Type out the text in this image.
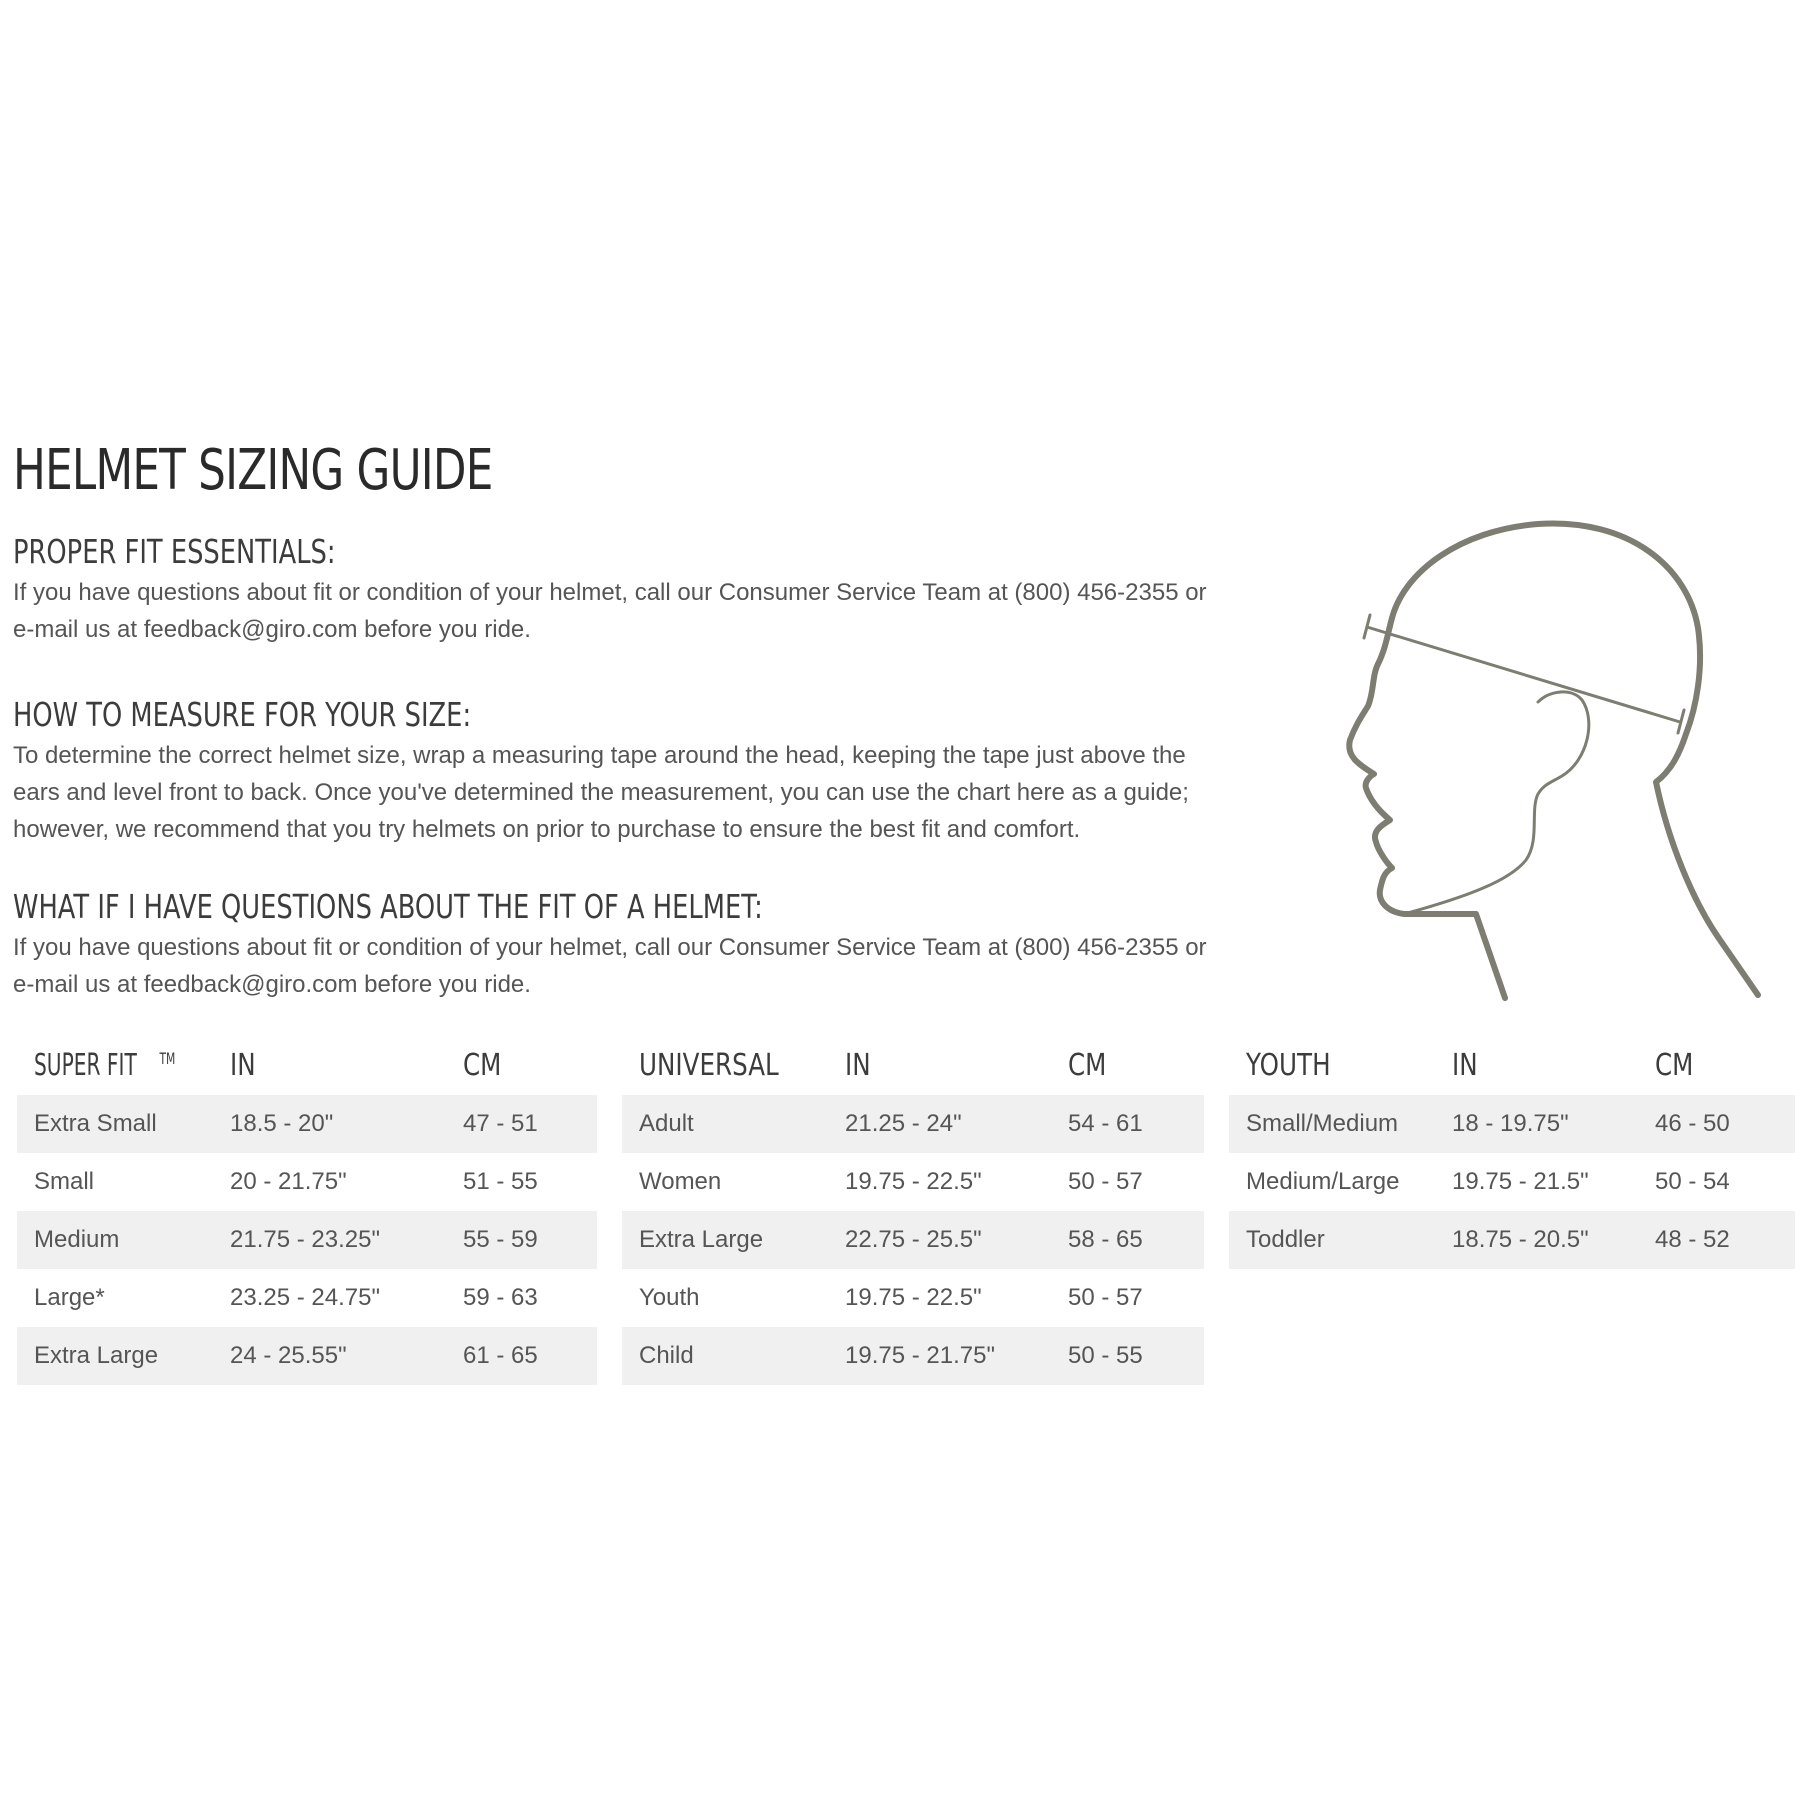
HELMET SIZING GUIDE
PROPER FIT ESSENTIALS:

If you have questions about fit or condition of your helmet, call our Consumer Service Team at (800) 456-2355 or e-mail us at feedback@giro.com before you ride.

HOW TO MEASURE FOR YOUR SIZE:

To determine the correct helmet size, wrap a measuring tape around the head, keeping the tape just above the ears and level front to back. Once you've determined the measurement, you can use the chart here as a guide; however, we recommend that you try helmets on prior to purchase to ensure the best fit and comfort.

WHAT IF I HAVE QUESTIONS ABOUT THE FIT OF A HELMET:

If you have questions about fit or condition of your helmet, call our Consumer Service Team at (800) 456-2355 or e-mail us at feedback@giro.com before you ride.

SUPER FIT TM	IN	CM
Extra Small	18.5 - 20"	47 - 51
Small	20 - 21.75"	51 - 55
Medium	21.75 - 23.25"	55 - 59
Large*	23.25 - 24.75"	59 - 63
Extra Large	24 - 25.55"	61 - 65
UNIVERSAL	IN	CM
Adult	21.25 - 24"	54 - 61
Women	19.75 - 22.5"	50 - 57
Extra Large	22.75 - 25.5"	58 - 65
Youth	19.75 - 22.5"	50 - 57
Child	19.75 - 21.75"	50 - 55
YOUTH	IN	CM
Small/Medium	18 - 19.75"	46 - 50
Medium/Large	19.75 - 21.5"	50 - 54
Toddler	18.75 - 20.5"	48 - 52
